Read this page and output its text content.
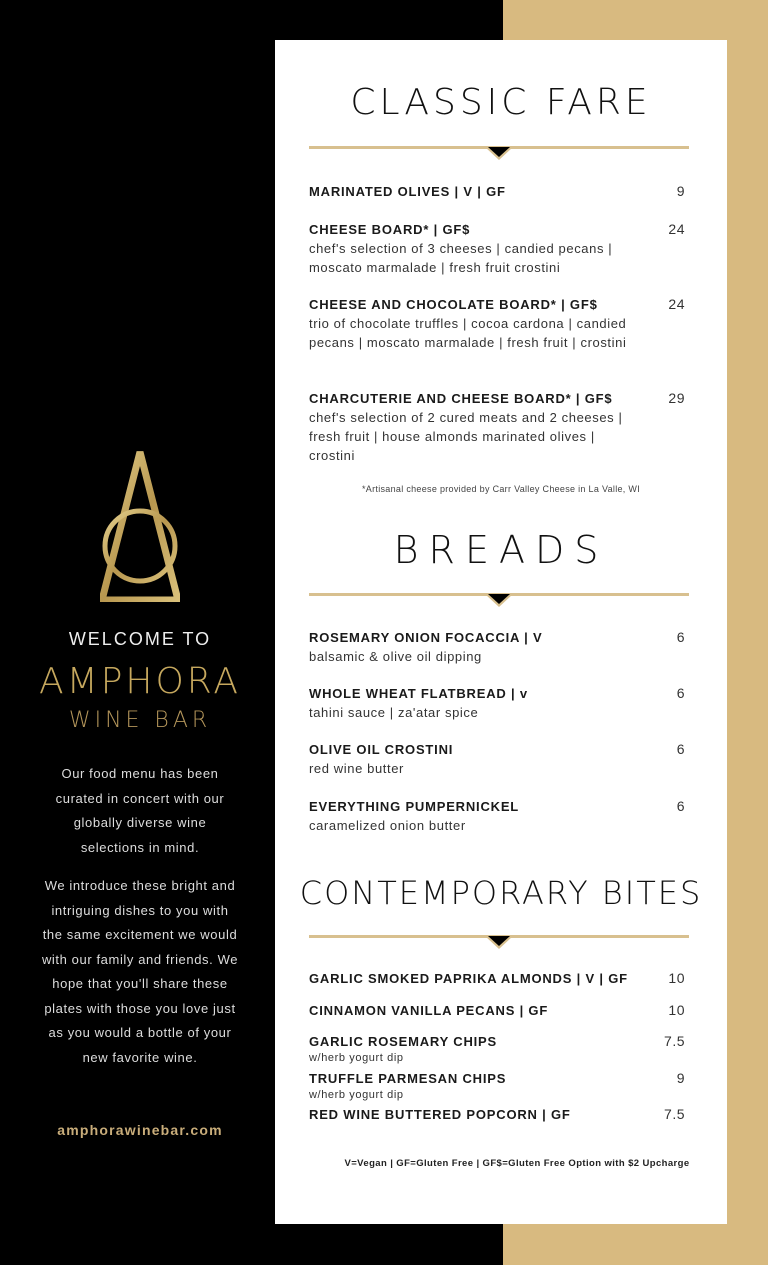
WELCOME TO
AMPHORA
WINE BAR
Our food menu has been curated in concert with our globally diverse wine selections in mind.
We introduce these bright and intriguing dishes to you with the same excitement we would with our family and friends. We hope that you'll share these plates with those you love just as you would a bottle of your new favorite wine.
amphorawinebar.com
CLASSIC FARE
MARINATED OLIVES | V | GF	9
CHEESE BOARD* | GF$	24
chef's selection of 3 cheeses | candied pecans | moscato marmalade | fresh fruit crostini
CHEESE AND CHOCOLATE BOARD* | GF$	24
trio of chocolate truffles | cocoa cardona | candied pecans | moscato marmalade | fresh fruit | crostini
CHARCUTERIE AND CHEESE BOARD* | GF$	29
chef's selection of 2 cured meats and 2 cheeses | fresh fruit | house almonds marinated olives | crostini
*Artisanal cheese provided by Carr Valley Cheese in La Valle, WI
BREADS
ROSEMARY ONION FOCACCIA | V	6
balsamic & olive oil dipping
WHOLE WHEAT FLATBREAD | v	6
tahini sauce | za'atar spice
OLIVE OIL CROSTINI	6
red wine butter
EVERYTHING PUMPERNICKEL	6
caramelized onion butter
CONTEMPORARY BITES
GARLIC SMOKED PAPRIKA ALMONDS | V | GF	10
CINNAMON VANILLA PECANS | GF	10
GARLIC ROSEMARY CHIPS	7.5
w/herb yogurt dip
TRUFFLE PARMESAN CHIPS	9
w/herb yogurt dip
RED WINE BUTTERED POPCORN | GF	7.5
V=Vegan | GF=Gluten Free | GF$=Gluten Free Option with $2 Upcharge
